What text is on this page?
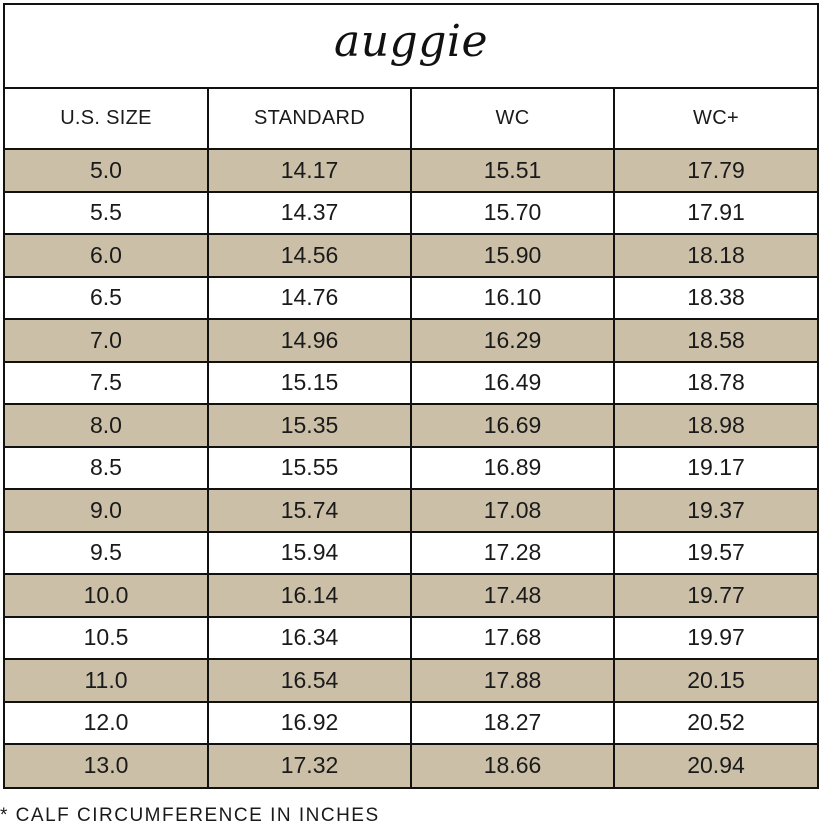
auggie
U.S. SIZE	STANDARD	WC	WC+
5.0	14.17	15.51	17.79
5.5	14.37	15.70	17.91
6.0	14.56	15.90	18.18
6.5	14.76	16.10	18.38
7.0	14.96	16.29	18.58
7.5	15.15	16.49	18.78
8.0	15.35	16.69	18.98
8.5	15.55	16.89	19.17
9.0	15.74	17.08	19.37
9.5	15.94	17.28	19.57
10.0	16.14	17.48	19.77
10.5	16.34	17.68	19.97
11.0	16.54	17.88	20.15
12.0	16.92	18.27	20.52
13.0	17.32	18.66	20.94
* CALF CIRCUMFERENCE IN INCHES
